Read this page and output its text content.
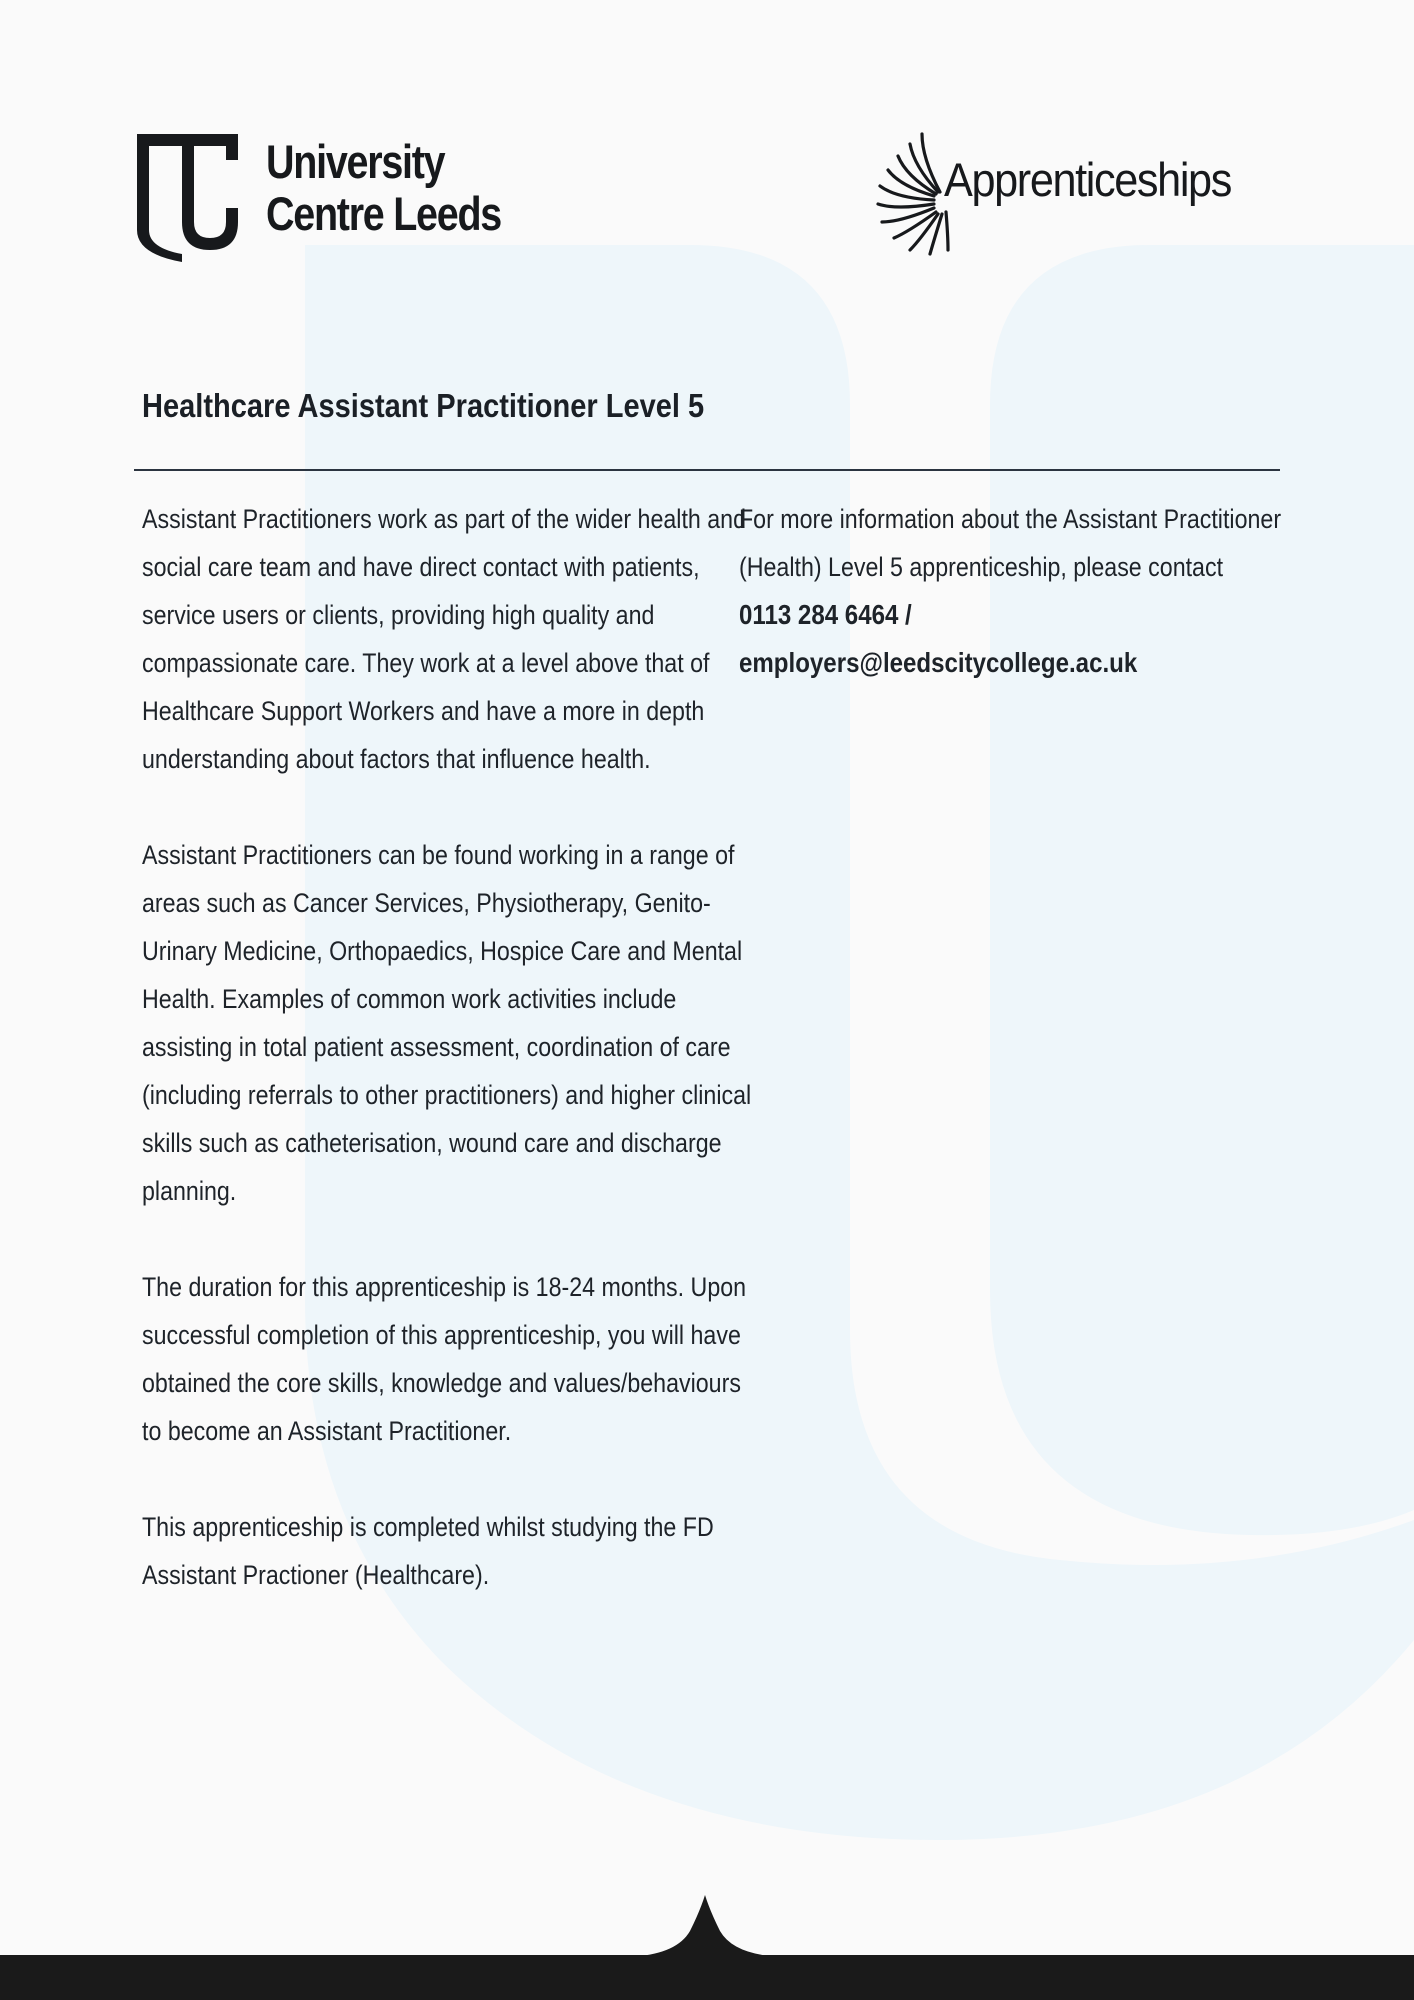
University
Centre Leeds
Apprenticeships
Healthcare Assistant Practitioner Level 5

Assistant Practitioners work as part of the wider health and social care team and have direct contact with patients, service users or clients, providing high quality and compassionate care. They work at a level above that of Healthcare Support Workers and have a more in depth understanding about factors that influence health.

Assistant Practitioners can be found working in a range of areas such as Cancer Services, Physiotherapy, Genito-Urinary Medicine, Orthopaedics, Hospice Care and Mental Health. Examples of common work activities include assisting in total patient assessment, coordination of care (including referrals to other practitioners) and higher clinical skills such as catheterisation, wound care and discharge planning.

The duration for this apprenticeship is 18-24 months. Upon successful completion of this apprenticeship, you will have obtained the core skills, knowledge and values/behaviours to become an Assistant Practitioner.

This apprenticeship is completed whilst studying the FD Assistant Practioner (Healthcare).

For more information about the Assistant Practitioner (Health) Level 5 apprenticeship, please contact
0113 284 6464 /
employers@leedscitycollege.ac.uk
